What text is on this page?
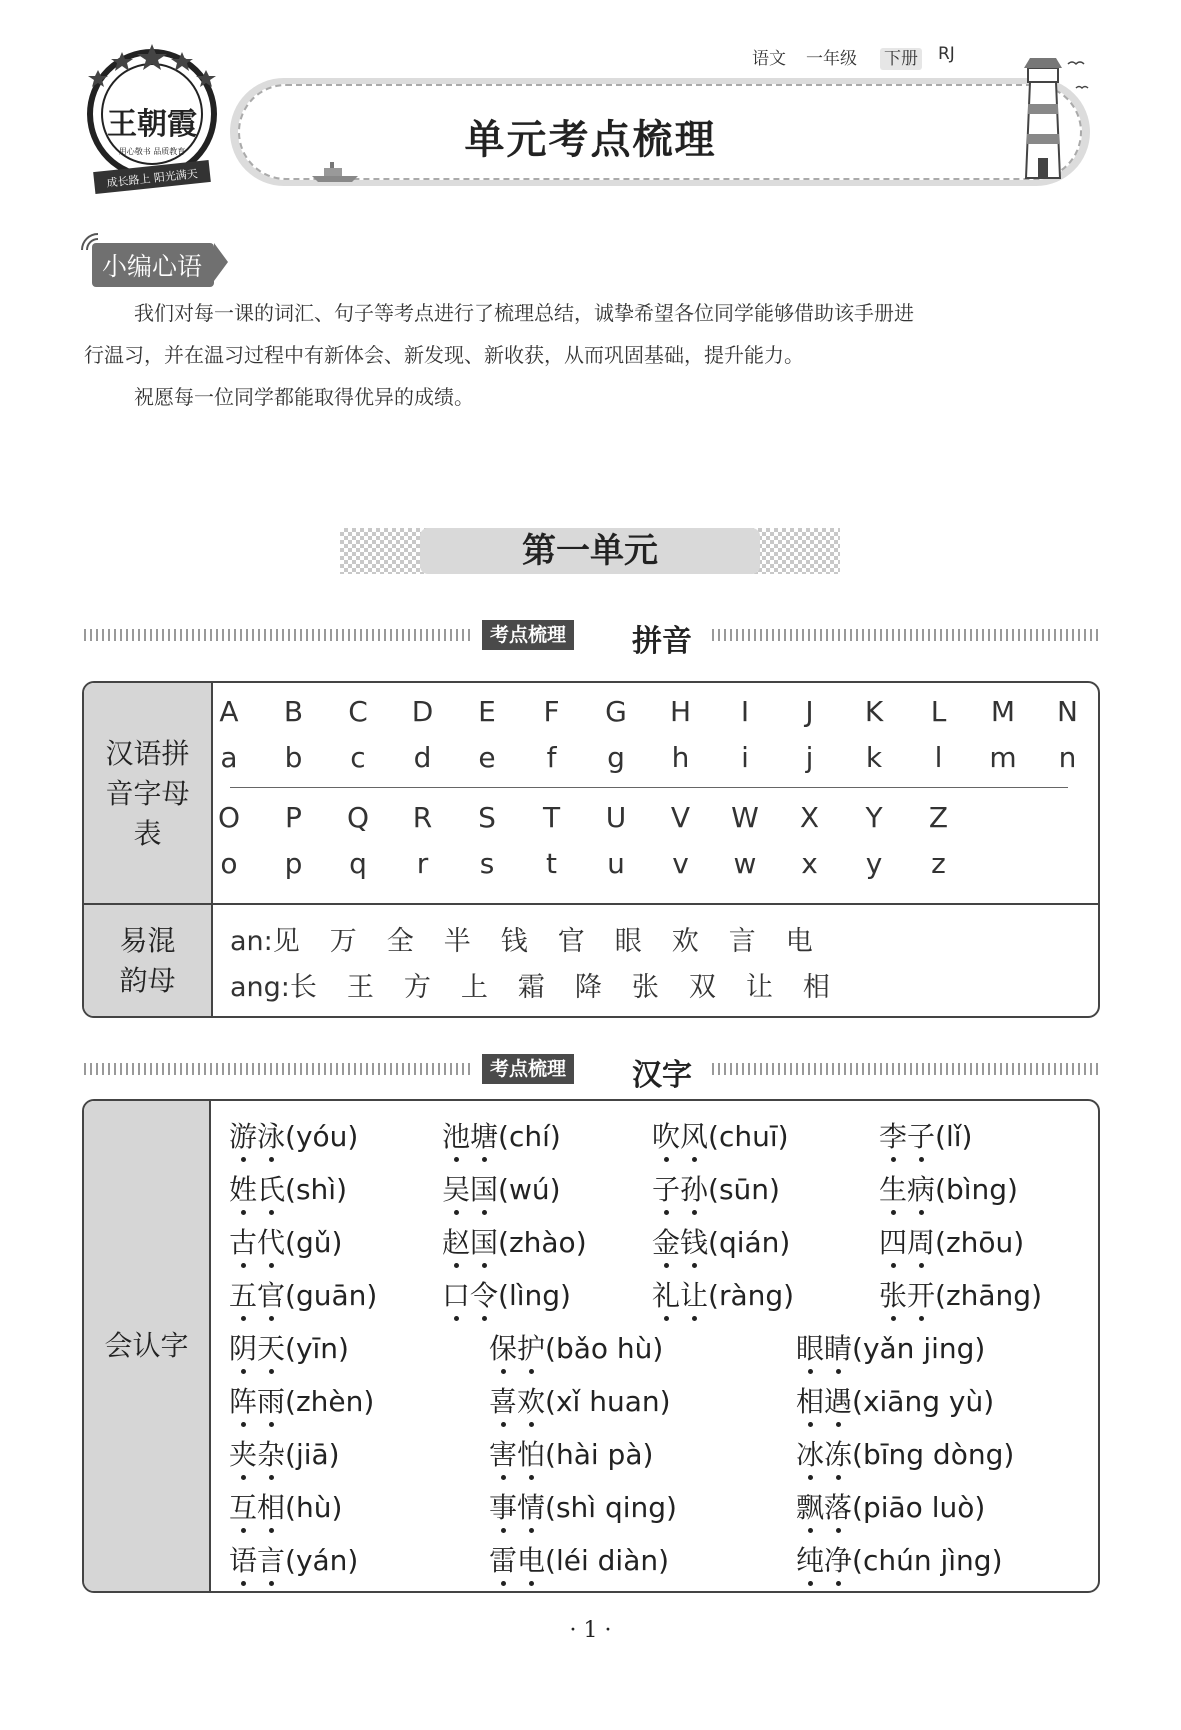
王朝霞
用心敬书 品质教育
成长路上 阳光满天
语文 一年级 下册 RJ
单元考点梳理
小编心语
我们对每一课的词汇、句子等考点进行了梳理总结，诚挚希望各位同学能够借助该手册进
行温习，并在温习过程中有新体会、新发现、新收获，从而巩固基础，提升能力。
祝愿每一位同学都能取得优异的成绩。
第一单元
考点梳理 拼音
汉语拼音字母表
易混韵母
A	B	C	D	E	F	G	H	I	J	K	L	M	N
a	b	c	d	e	f	g	h	i	j	k	l	m	n
O	P	Q	R	S	T	U	V	W	X	Y	Z
o	p	q	r	s	t	u	v	w	x	y	z
an:见 万 全 半 钱 官 眼 欢 言 电
ang:长 王 方 上 霜 降 张 双 让 相
考点梳理 汉字
会认字
游泳(yóu)	池塘(chí)	吹风(chuī)	李子(lǐ)
姓氏(shì)	吴国(wú)	子孙(sūn)	生病(bìng)
古代(gǔ)	赵国(zhào) 金钱(qián)	四周(zhōu)
五官(guān) 口令(lìng)	礼让(ràng)	张开(zhāng)
阴天(yīn)	保护(bǎo hù)	眼睛(yǎn jing)
阵雨(zhèn)	喜欢(xǐ huan)	相遇(xiāng yù)
夹杂(jiā)	害怕(hài pà)	冰冻(bīng dòng)
互相(hù)	事情(shì qing)	飘落(piāo luò)
语言(yán)	雷电(léi diàn)	纯净(chún jìng)
· 1 ·
